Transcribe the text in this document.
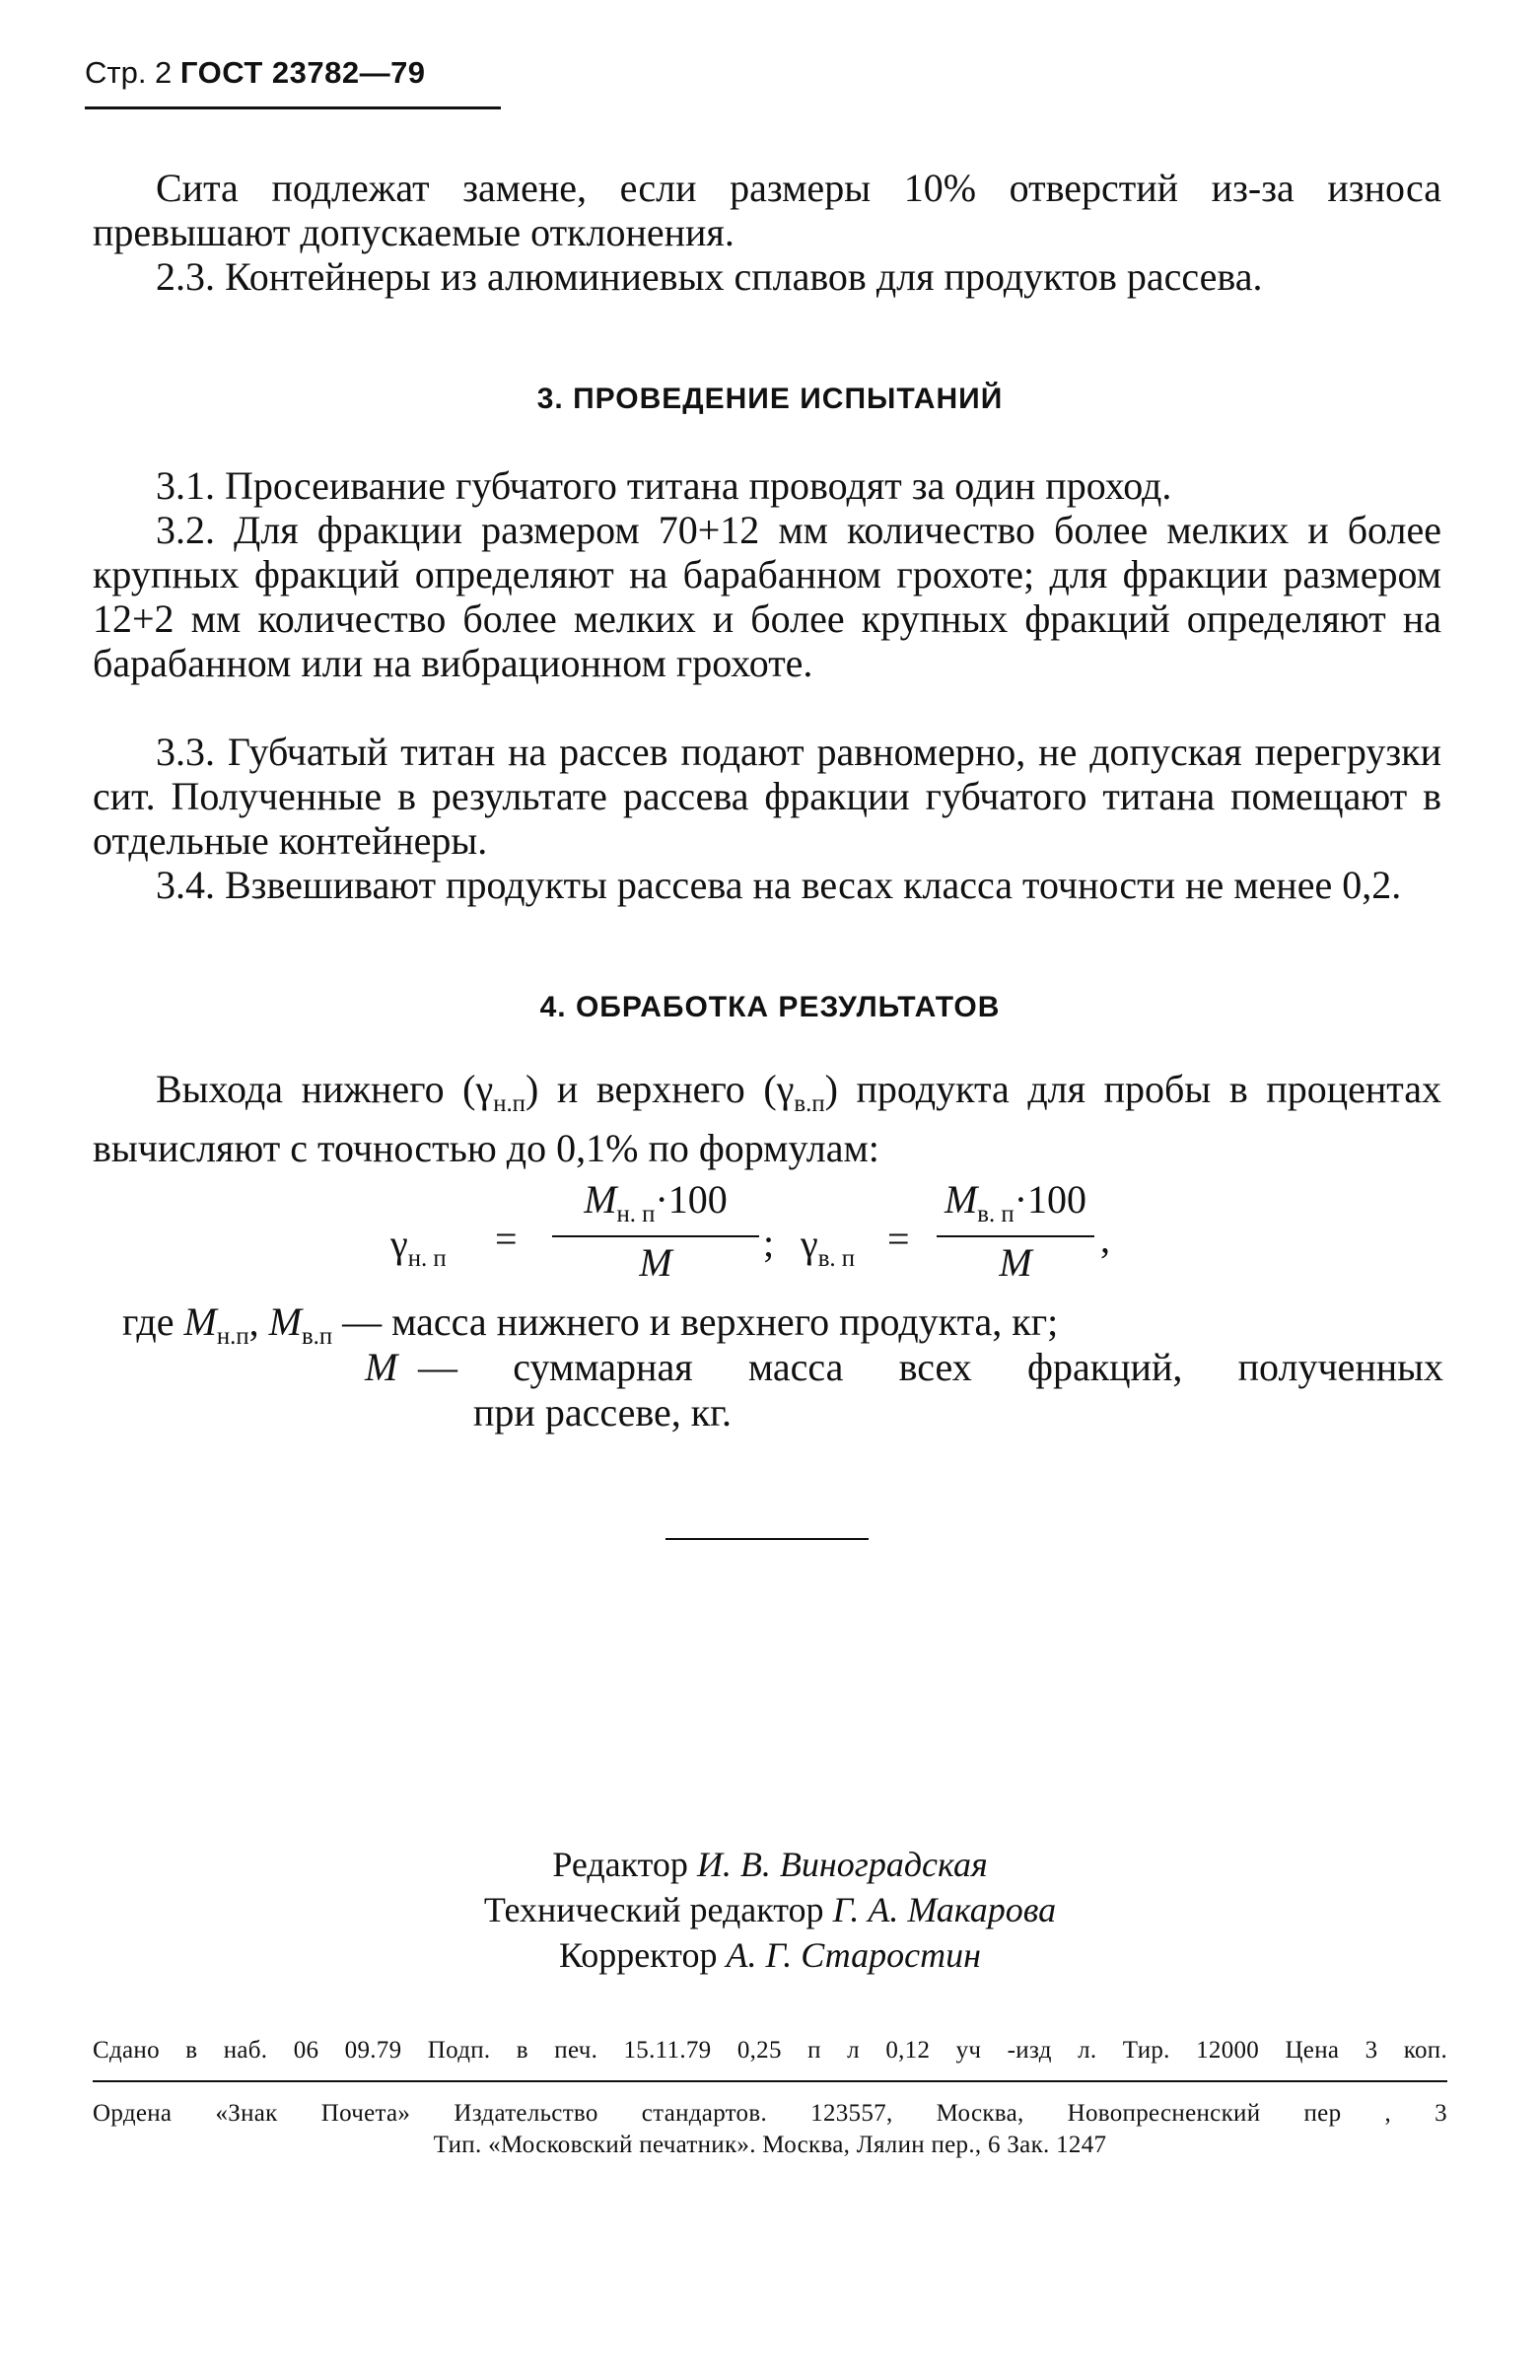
Стр. 2 ГОСТ 23782—79
Сита подлежат замене, если размеры 10% отверстий из-за износа превышают допускаемые отклонения.
2.3. Контейнеры из алюминиевых сплавов для продуктов рассева.
3. ПРОВЕДЕНИЕ ИСПЫТАНИЙ
3.1. Просеивание губчатого титана проводят за один проход.
3.2. Для фракции размером 70+12 мм количество более мелких и более крупных фракций определяют на барабанном грохоте; для фракции размером 12+2 мм количество более мелких и более крупных фракций определяют на барабанном или на вибрационном грохоте.
3.3. Губчатый титан на рассев подают равномерно, не допуская перегрузки сит. Полученные в результате рассева фракции губчатого титана помещают в отдельные контейнеры.
3.4. Взвешивают продукты рассева на весах класса точности не менее 0,2.
4. ОБРАБОТКА РЕЗУЛЬТАТОВ
Выхода нижнего $(\gamma_{н.п})$ и верхнего $(\gamma_{в.п})$ продукта для пробы в процентах вычисляют с точностью до 0,1% по формулам:
$\gamma_{н. п}$ =
$M_{н. п}\cdot 100$
M	; $\gamma_{в. п}$ =
$M_{в. п}\cdot 100$
M
,
где $M_{н.п}$, $M_{в.п}$ — масса нижнего и верхнего продукта, кг;
M — суммарная масса всех фракций, полученных
при рассеве, кг.
Редактор И. В. Виноградская
Технический редактор Г. А. Макарова
Корректор А. Г. Старостин
Сдано в наб. 06 09.79 Подп. в печ. 15.11.79 0,25 п л 0,12 уч -изд л. Тир. 12000 Цена 3 коп.
Ордена «Знак Почета» Издательство стандартов. 123557, Москва, Новопресненский пер , 3
Тип. «Московский печатник». Москва, Лялин пер., 6 Зак. 1247
